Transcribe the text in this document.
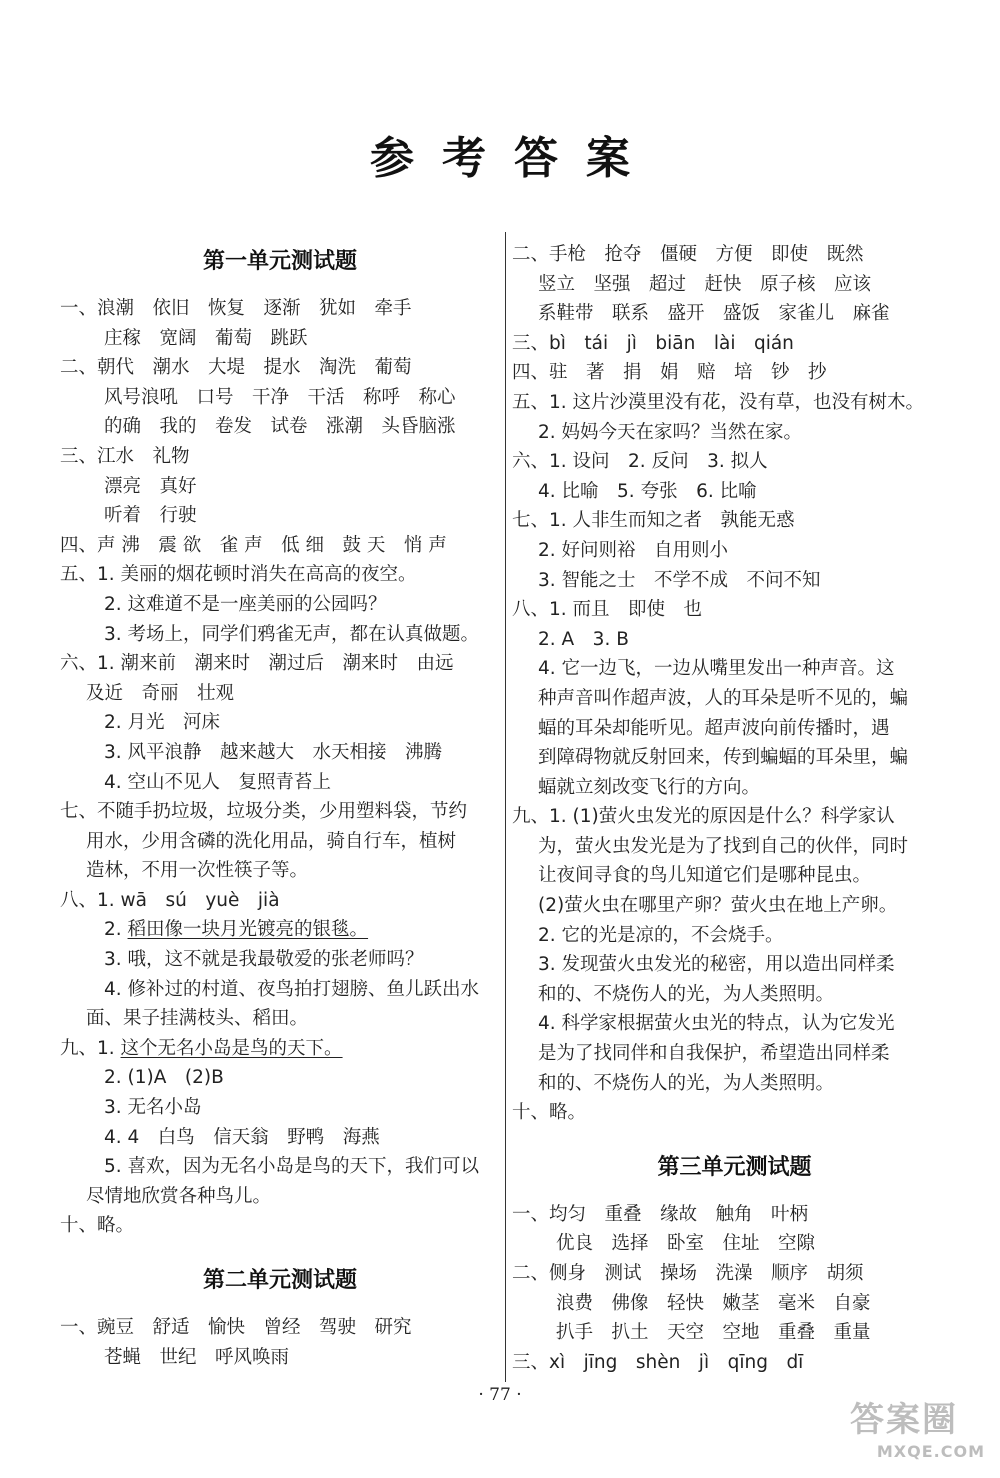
参考答案
第一单元测试题
一、浪潮　依旧　恢复　逐渐　犹如　牵手
庄稼　宽阔　葡萄　跳跃
二、朝代　潮水　大堤　提水　淘洗　葡萄
风号浪吼　口号　干净　干活　称呼　称心
的确　我的　卷发　试卷　涨潮　头昏脑涨
三、江水　礼物
漂亮　真好
听着　行驶
四、声 沸　震 欲　雀 声　低 细　鼓 天　悄 声
五、1. 美丽的烟花顿时消失在高高的夜空。
2. 这难道不是一座美丽的公园吗？
3. 考场上，同学们鸦雀无声，都在认真做题。
六、1. 潮来前　潮来时　潮过后　潮来时　由远
及近　奇丽　壮观
2. 月光　河床
3. 风平浪静　越来越大　水天相接　沸腾
4. 空山不见人　复照青苔上
七、不随手扔垃圾，垃圾分类，少用塑料袋，节约
用水，少用含磷的洗化用品，骑自行车，植树
造林，不用一次性筷子等。
八、1. wā　sú　yuè　jià
2. 稻田像一块月光镀亮的银毯。
3. 哦，这不就是我最敬爱的张老师吗？
4. 修补过的村道、夜鸟拍打翅膀、鱼儿跃出水
面、果子挂满枝头、稻田。
九、1. 这个无名小岛是鸟的天下。
2. (1)A　(2)B
3. 无名小岛
4. 4　白鸟　信天翁　野鸭　海燕
5. 喜欢，因为无名小岛是鸟的天下，我们可以
尽情地欣赏各种鸟儿。
十、略。
第二单元测试题
一、豌豆　舒适　愉快　曾经　驾驶　研究
苍蝇　世纪　呼风唤雨
二、手枪　抢夺　僵硬　方便　即使　既然
竖立　坚强　超过　赶快　原子核　应该
系鞋带　联系　盛开　盛饭　家雀儿　麻雀
三、bì　tái　jì　biān　lài　qián
四、驻　著　捐　娟　赔　培　钞　抄
五、1. 这片沙漠里没有花，没有草，也没有树木。
2. 妈妈今天在家吗？当然在家。
六、1. 设问　2. 反问　3. 拟人
4. 比喻　5. 夸张　6. 比喻
七、1. 人非生而知之者　孰能无惑
2. 好问则裕　自用则小
3. 智能之士　不学不成　不问不知
八、1. 而且　即使　也
2. A　3. B
4. 它一边飞，一边从嘴里发出一种声音。这
种声音叫作超声波，人的耳朵是听不见的，蝙
蝠的耳朵却能听见。超声波向前传播时，遇
到障碍物就反射回来，传到蝙蝠的耳朵里，蝙
蝠就立刻改变飞行的方向。
九、1. (1)萤火虫发光的原因是什么？科学家认
为，萤火虫发光是为了找到自己的伙伴，同时
让夜间寻食的鸟儿知道它们是哪种昆虫。
(2)萤火虫在哪里产卵？萤火虫在地上产卵。
2. 它的光是凉的，不会烧手。
3. 发现萤火虫发光的秘密，用以造出同样柔
和的、不烧伤人的光，为人类照明。
4. 科学家根据萤火虫光的特点，认为它发光
是为了找同伴和自我保护，希望造出同样柔
和的、不烧伤人的光，为人类照明。
十、略。
第三单元测试题
一、均匀　重叠　缘故　触角　叶柄
优良　选择　卧室　住址　空隙
二、侧身　测试　操场　洗澡　顺序　胡须
浪费　佛像　轻快　嫩茎　毫米　自豪
扒手　扒土　天空　空地　重叠　重量
三、xì　jīng　shèn　jì　qīng　dī
· 77 ·
答案圈
MXQE.COM
